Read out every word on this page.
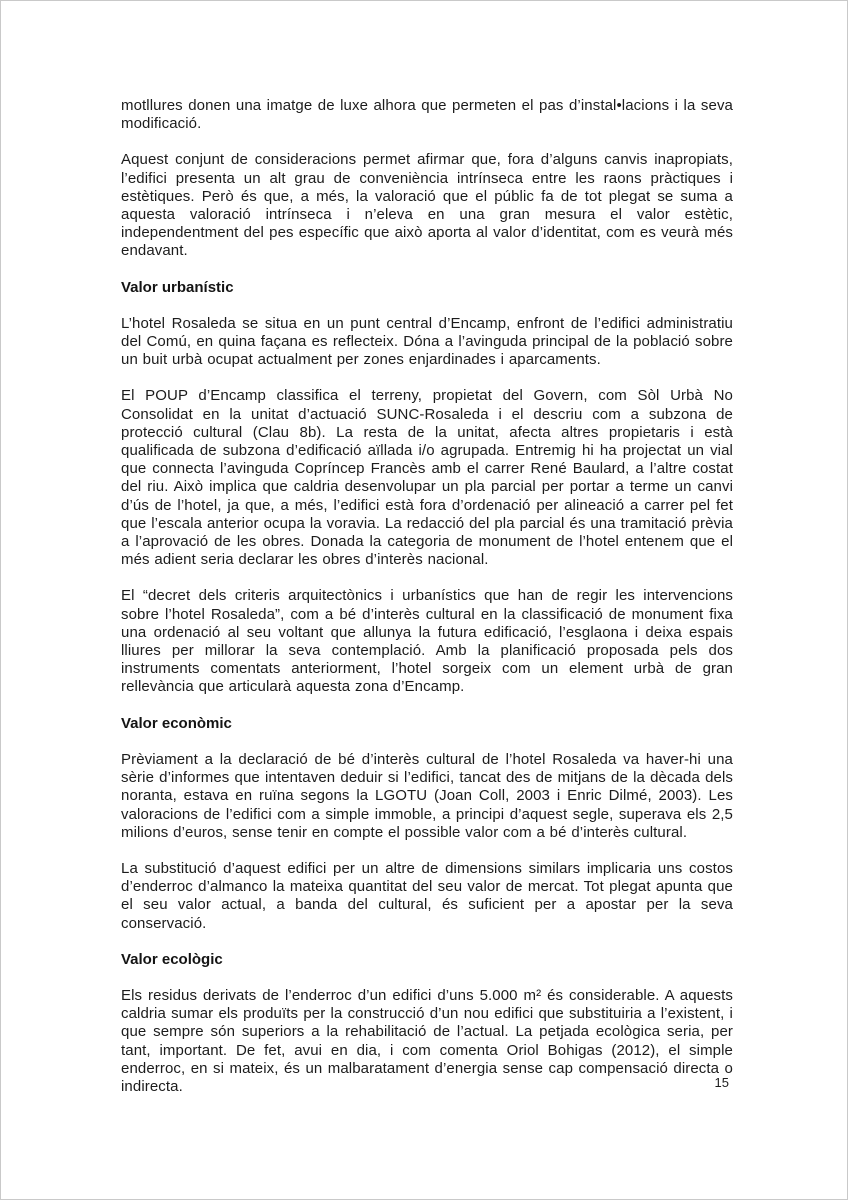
motllures donen una imatge de luxe alhora que permeten el pas d’instal•lacions i la seva modificació.

Aquest conjunt de consideracions permet afirmar que, fora d’alguns canvis inapropiats, l’edifici presenta un alt grau de conveniència intrínseca entre les raons pràctiques i estètiques. Però és que, a més, la valoració que el públic fa de tot plegat se suma a aquesta valoració intrínseca i n’eleva en una gran mesura el valor estètic, independentment del pes específic que això aporta al valor d’identitat, com es veurà més endavant.

Valor urbanístic

L’hotel Rosaleda se situa en un punt central d’Encamp, enfront de l’edifici administratiu del Comú, en quina façana es reflecteix. Dóna a l’avinguda principal de la població sobre un buit urbà ocupat actualment per zones enjardinades i aparcaments.

El POUP d’Encamp classifica el terreny, propietat del Govern, com Sòl Urbà No Consolidat en la unitat d’actuació SUNC-Rosaleda i el descriu com a subzona de protecció cultural (Clau 8b). La resta de la unitat, afecta altres propietaris i està qualificada de subzona d’edificació aïllada i/o agrupada. Entremig hi ha projectat un vial que connecta l’avinguda Copríncep Francès amb el carrer René Baulard, a l’altre costat del riu. Això implica que caldria desenvolupar un pla parcial per portar a terme un canvi d’ús de l’hotel, ja que, a més, l’edifici està fora d’ordenació per alineació a carrer pel fet que l’escala anterior ocupa la voravia. La redacció del pla parcial és una tramitació prèvia a l’aprovació de les obres. Donada la categoria de monument de l’hotel entenem que el més adient seria declarar les obres d’interès nacional.

El “decret dels criteris arquitectònics i urbanístics que han de regir les intervencions sobre l’hotel Rosaleda”, com a bé d’interès cultural en la classificació de monument fixa una ordenació al seu voltant que allunya la futura edificació, l’esglaona i deixa espais lliures per millorar la seva contemplació. Amb la planificació proposada pels dos instruments comentats anteriorment, l’hotel sorgeix com un element urbà de gran rellevància que articularà aquesta zona d’Encamp.

Valor econòmic

Prèviament a la declaració de bé d’interès cultural de l’hotel Rosaleda va haver-hi una sèrie d’informes que intentaven deduir si l’edifici, tancat des de mitjans de la dècada dels noranta, estava en ruïna segons la LGOTU (Joan Coll, 2003 i Enric Dilmé, 2003). Les valoracions de l’edifici com a simple immoble, a principi d’aquest segle, superava els 2,5 milions d’euros, sense tenir en compte el possible valor com a bé d’interès cultural.

La substitució d’aquest edifici per un altre de dimensions similars implicaria uns costos d’enderroc d’almanco la mateixa quantitat del seu valor de mercat. Tot plegat apunta que el seu valor actual, a banda del cultural, és suficient per a apostar per la seva conservació.

Valor ecològic

Els residus derivats de l’enderroc d’un edifici d’uns 5.000 m² és considerable. A aquests caldria sumar els produïts per la construcció d’un nou edifici que substituiria a l’existent, i que sempre són superiors a la rehabilitació de l’actual. La petjada ecològica seria, per tant, important. De fet, avui en dia, i com comenta Oriol Bohigas (2012), el simple enderroc, en si mateix, és un malbaratament d’energia sense cap compensació directa o indirecta.	15
